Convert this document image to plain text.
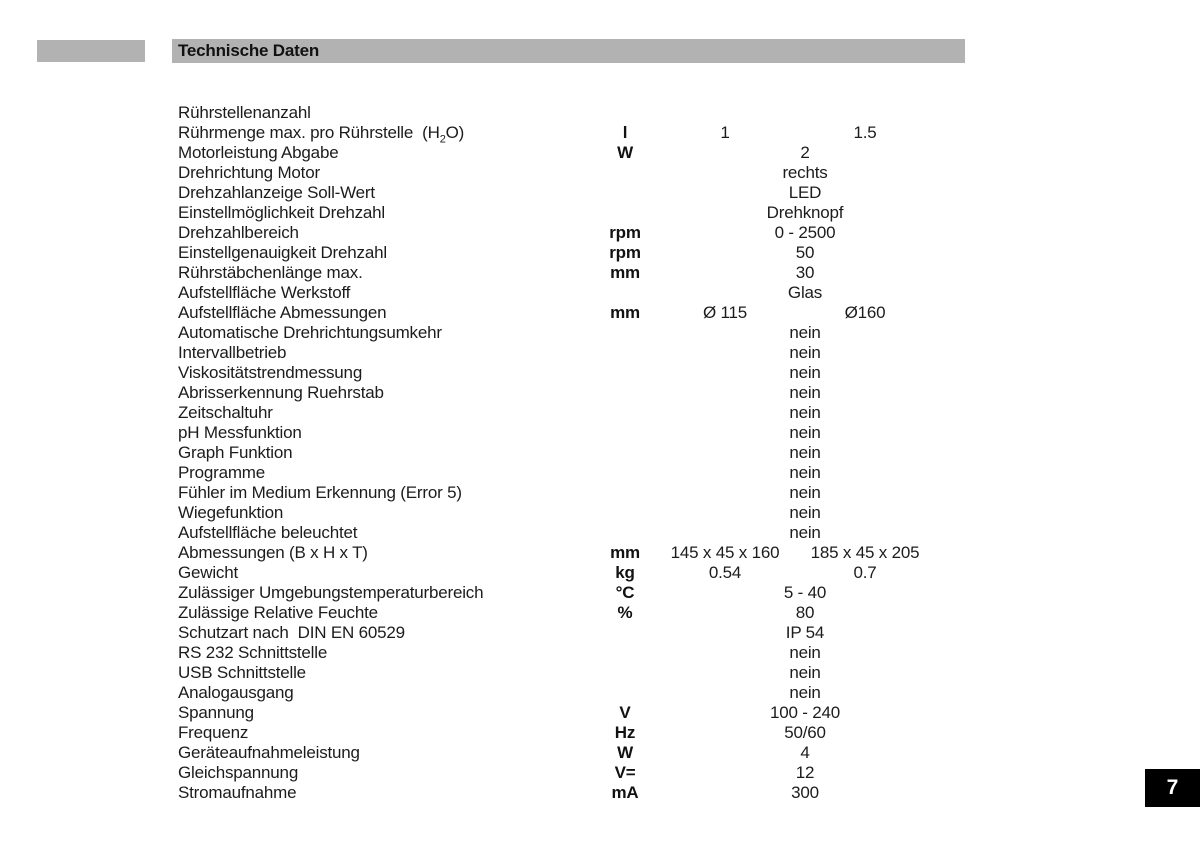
Technische Daten
Rührstellenanzahl
Rührmenge max. pro Rührstelle  $(H_2O)$	l	1	1.5
Motorleistung Abgabe	W	2
Drehrichtung Motor	rechts
Drehzahlanzeige Soll-Wert	LED
Einstellmöglichkeit Drehzahl	Drehknopf
Drehzahlbereich	rpm	0 - 2500
Einstellgenauigkeit Drehzahl	rpm	50
Rührstäbchenlänge max.	mm	30
Aufstellfläche Werkstoff	Glas
Aufstellfläche Abmessungen	mm	Ø 115	Ø160
Automatische Drehrichtungsumkehr	nein
Intervallbetrieb	nein
Viskositätstrendmessung	nein
Abrisserkennung Ruehrstab	nein
Zeitschaltuhr	nein
pH Messfunktion	nein
Graph Funktion	nein
Programme	nein
Fühler im Medium Erkennung (Error 5)	nein
Wiegefunktion	nein
Aufstellfläche beleuchtet	nein
Abmessungen (B x H x T)	mm	145 x 45 x 160	185 x 45 x 205
Gewicht	kg	0.54	0.7
Zulässiger Umgebungstemperaturbereich	°C	5 - 40
Zulässige Relative Feuchte	%	80
Schutzart nach  DIN EN 60529	IP 54
RS 232 Schnittstelle	nein
USB Schnittstelle	nein
Analogausgang	nein
Spannung	V	100 - 240
Frequenz	Hz	50/60
Geräteaufnahmeleistung	W	4
Gleichspannung	V=	12
Stromaufnahme	mA	300	7
